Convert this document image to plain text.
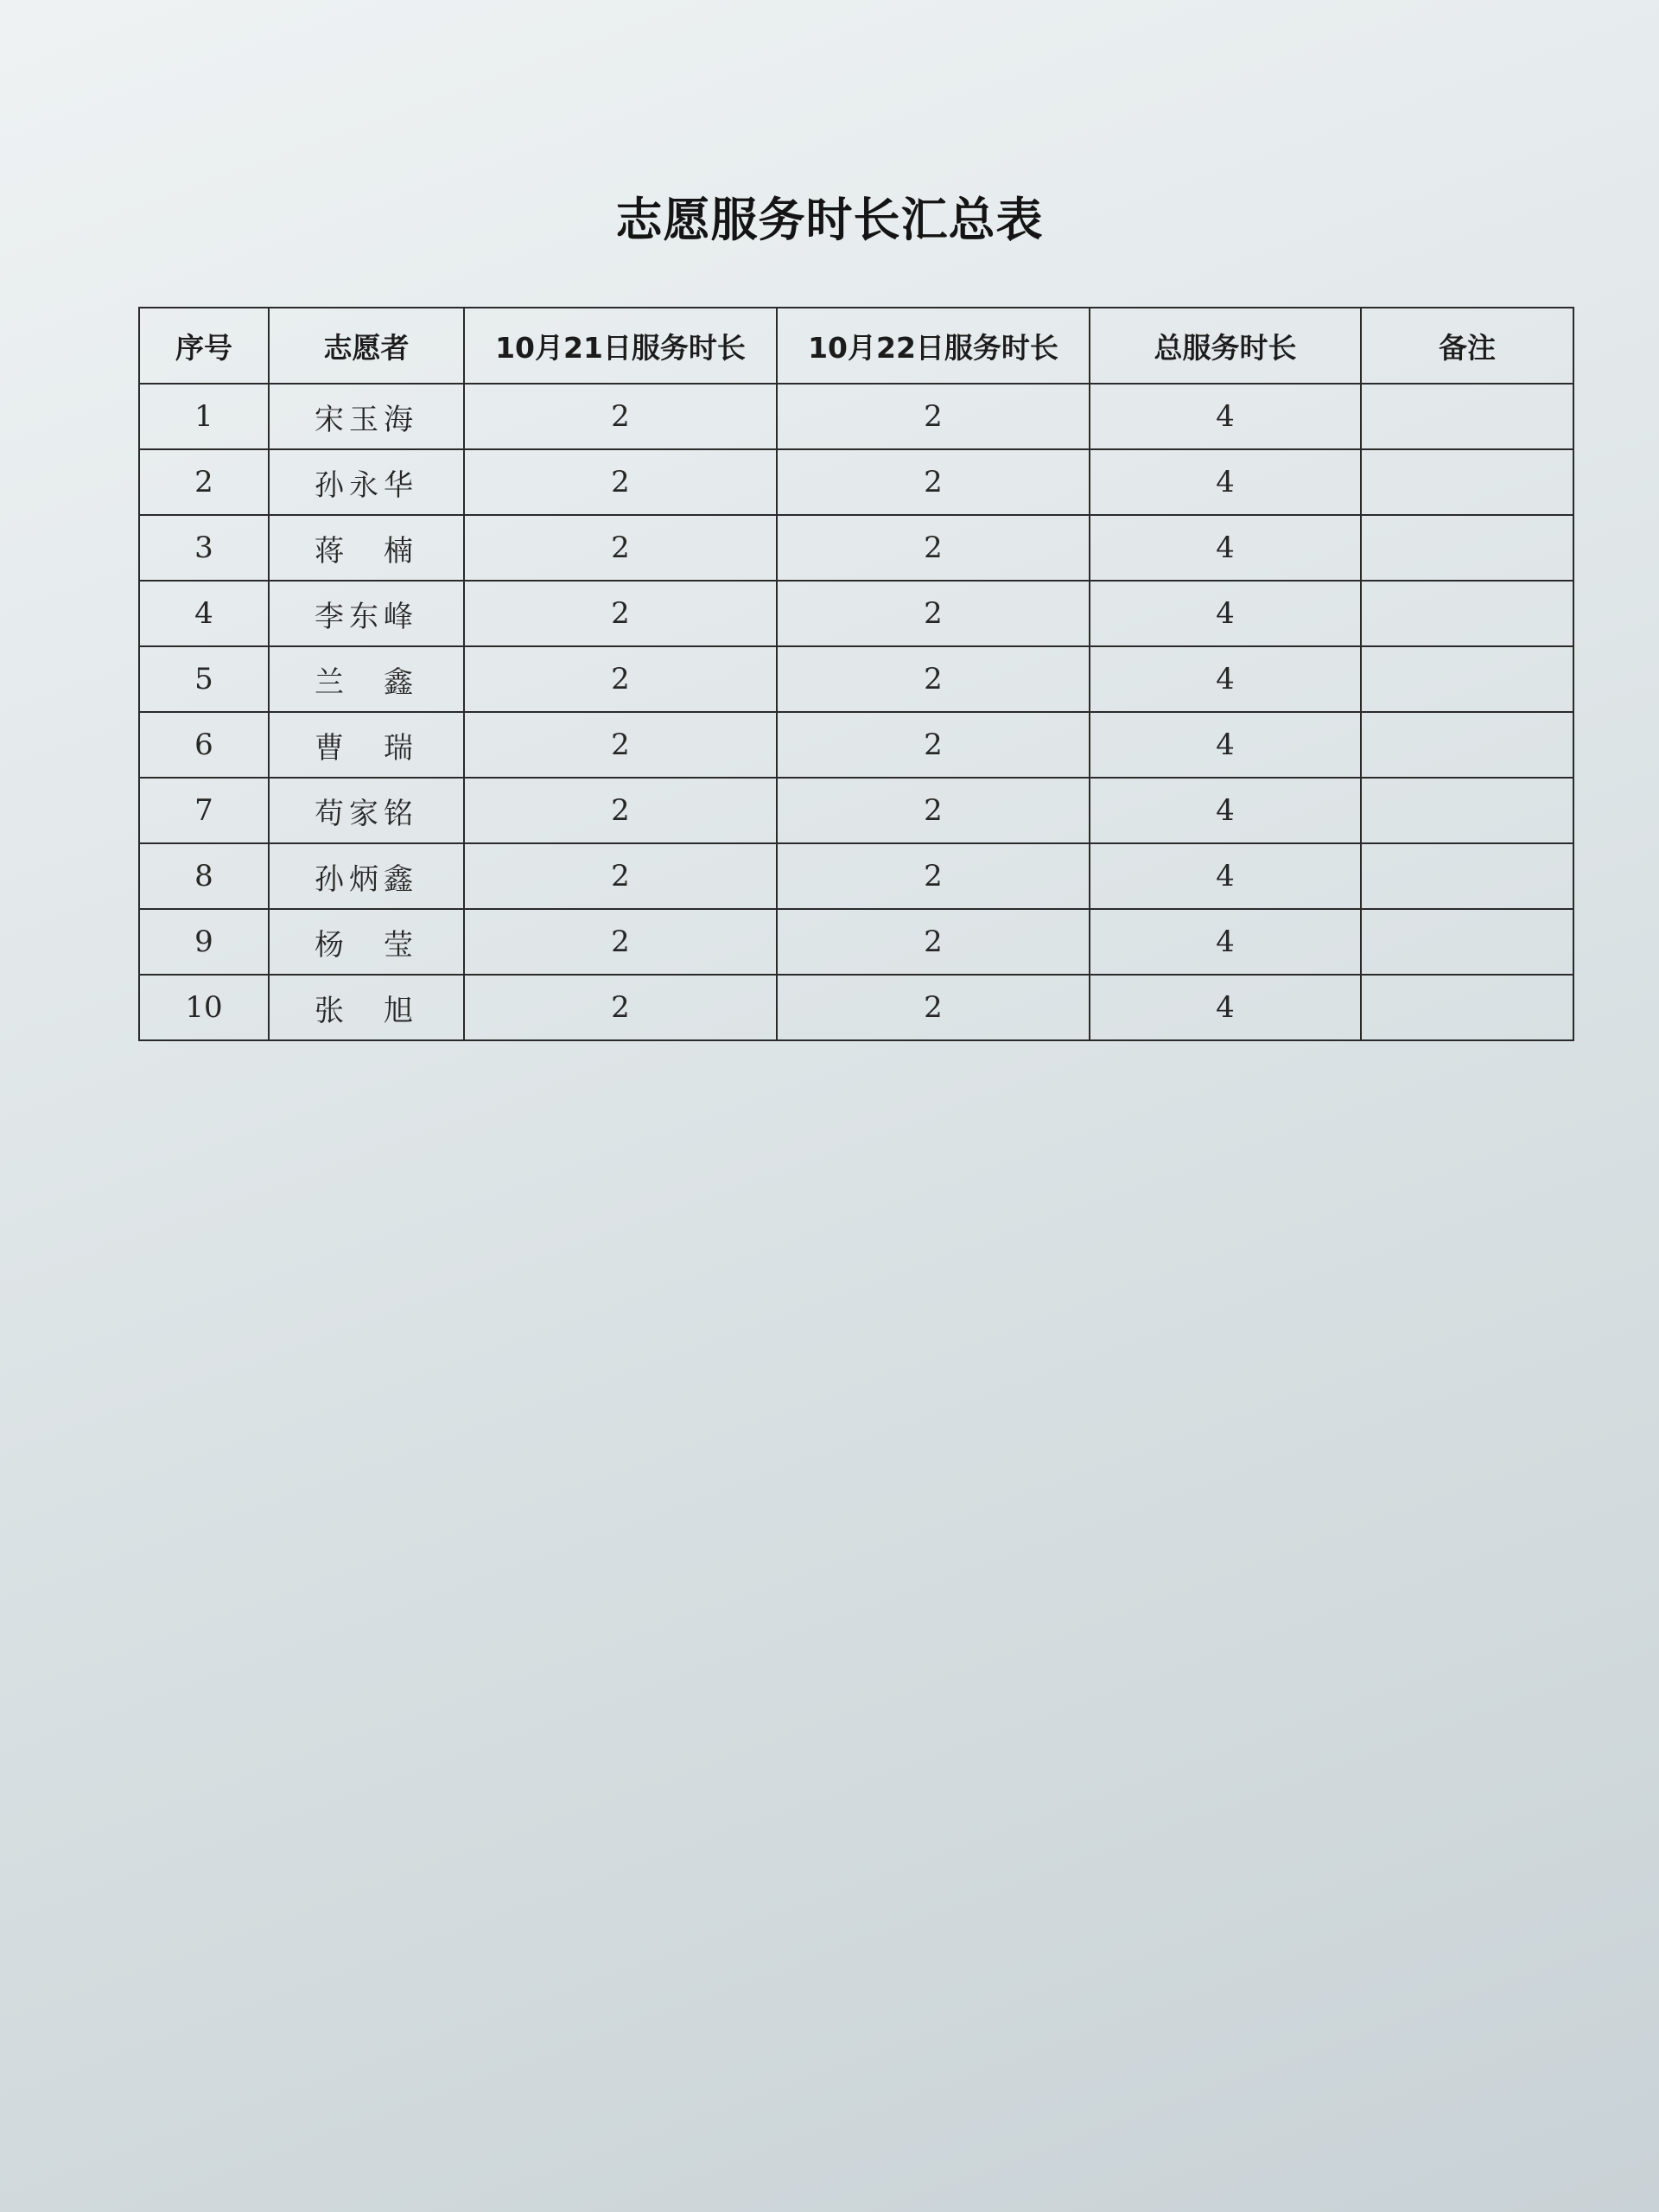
志愿服务时长汇总表
序号	志愿者	10月21日服务时长	10月22日服务时长	总服务时长	备注
1	宋玉海	2	2	4	
2	孙永华	2	2	4	
3	蒋　楠	2	2	4	
4	李东峰	2	2	4	
5	兰　鑫	2	2	4	
6	曹　瑞	2	2	4	
7	苟家铭	2	2	4	
8	孙炳鑫	2	2	4	
9	杨　莹	2	2	4	
10	张　旭	2	2	4	
